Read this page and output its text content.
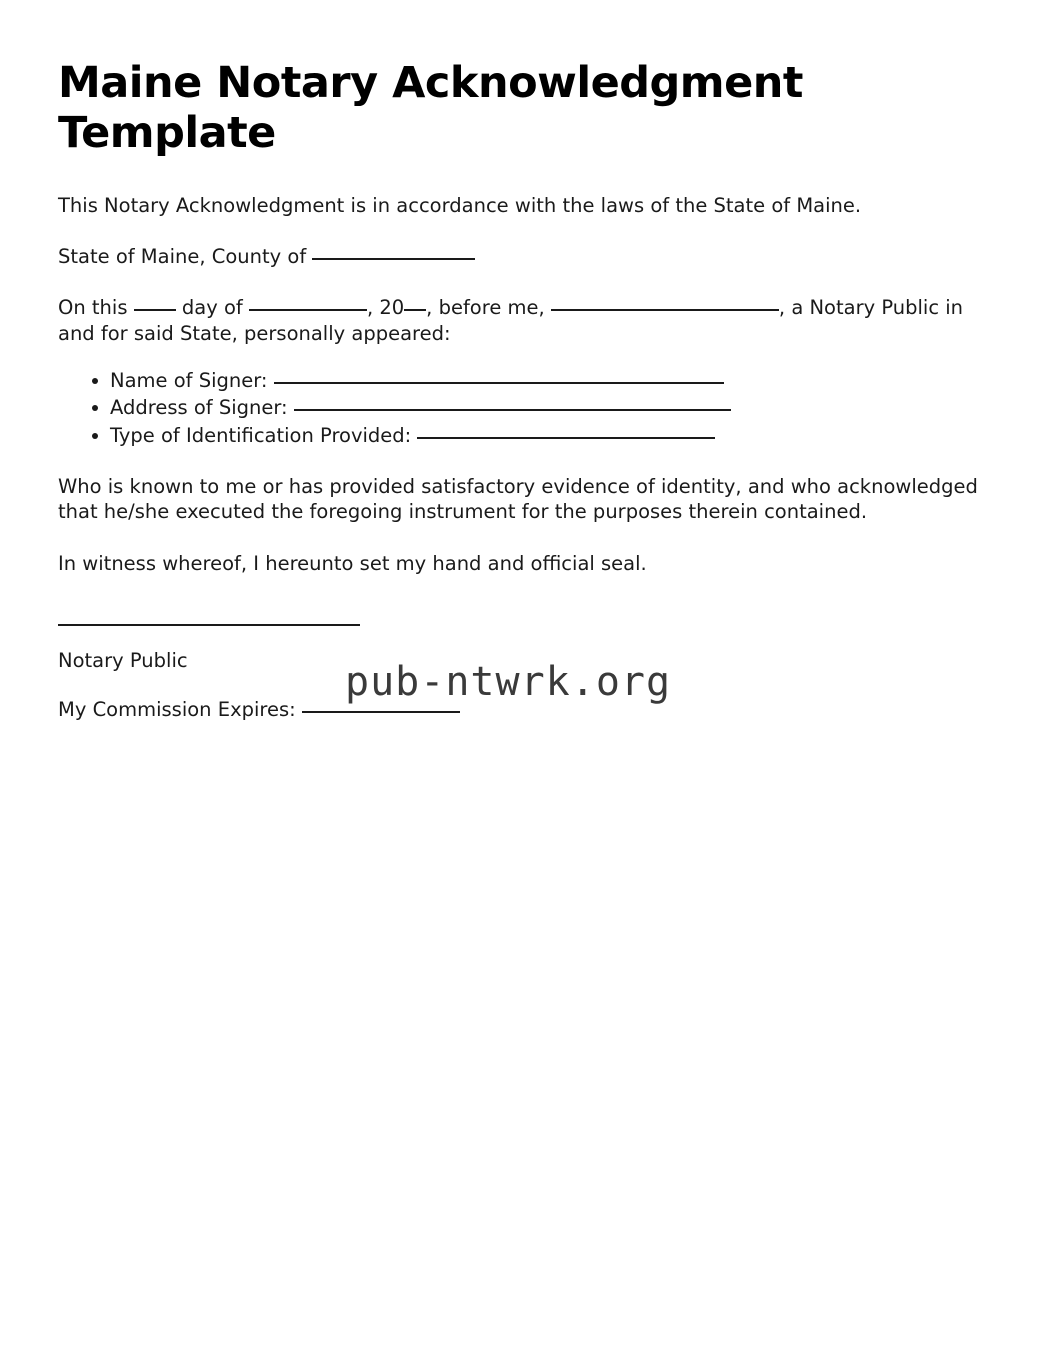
Maine Notary Acknowledgment Template

This Notary Acknowledgment is in accordance with the laws of the State of Maine.

State of Maine, County of

On this  day of	, 20 , before me,	, a Notary Public in and for said State, personally appeared:

Name of Signer:
Address of Signer:
Type of Identification Provided:

Who is known to me or has provided satisfactory evidence of identity, and who acknowledged that he/she executed the foregoing instrument for the purposes therein contained.

In witness whereof, I hereunto set my hand and official seal.

Notary Public

My Commission Expires:

pub-ntwrk.org
